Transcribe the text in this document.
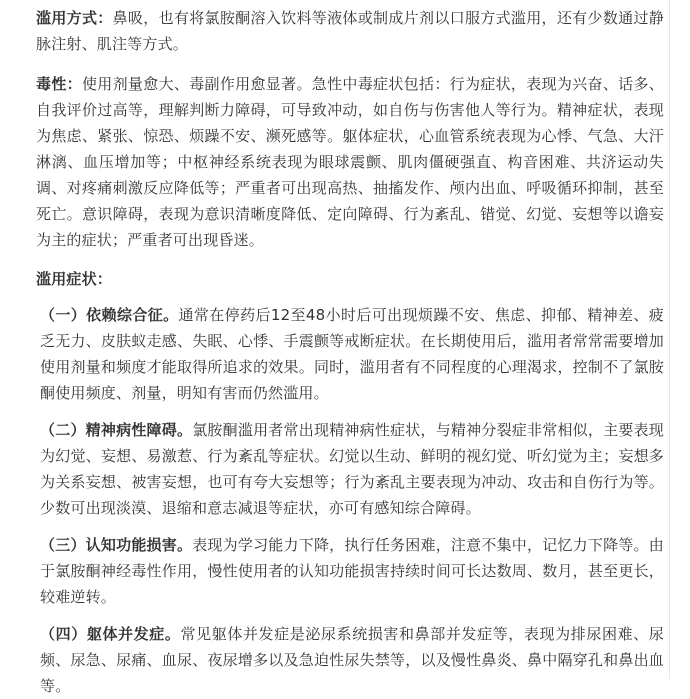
滥用方式：鼻吸，也有将氯胺酮溶入饮料等液体或制成片剂以口服方式滥用，还有少数通过静脉注射、肌注等方式。

毒性：使用剂量愈大、毒副作用愈显著。急性中毒症状包括：行为症状，表现为兴奋、话多、自我评价过高等，理解判断力障碍，可导致冲动，如自伤与伤害他人等行为。精神症状，表现为焦虑、紧张、惊恐、烦躁不安、濒死感等。躯体症状，心血管系统表现为心悸、气急、大汗淋漓、血压增加等；中枢神经系统表现为眼球震颤、肌肉僵硬强直、构音困难、共济运动失调、对疼痛刺激反应降低等；严重者可出现高热、抽搐发作、颅内出血、呼吸循环抑制，甚至死亡。意识障碍，表现为意识清晰度降低、定向障碍、行为紊乱、错觉、幻觉、妄想等以谵妄为主的症状；严重者可出现昏迷。

滥用症状：

（一）依赖综合征。通常在停药后12至48小时后可出现烦躁不安、焦虑、抑郁、精神差、疲乏无力、皮肤蚁走感、失眠、心悸、手震颤等戒断症状。在长期使用后，滥用者常常需要增加使用剂量和频度才能取得所追求的效果。同时，滥用者有不同程度的心理渴求，控制不了氯胺酮使用频度、剂量，明知有害而仍然滥用。

（二）精神病性障碍。氯胺酮滥用者常出现精神病性症状，与精神分裂症非常相似，主要表现为幻觉、妄想、易激惹、行为紊乱等症状。幻觉以生动、鲜明的视幻觉、听幻觉为主；妄想多为关系妄想、被害妄想，也可有夸大妄想等；行为紊乱主要表现为冲动、攻击和自伤行为等。少数可出现淡漠、退缩和意志减退等症状，亦可有感知综合障碍。

（三）认知功能损害。表现为学习能力下降，执行任务困难，注意不集中，记忆力下降等。由于氯胺酮神经毒性作用，慢性使用者的认知功能损害持续时间可长达数周、数月，甚至更长，较难逆转。

（四）躯体并发症。常见躯体并发症是泌尿系统损害和鼻部并发症等，表现为排尿困难、尿频、尿急、尿痛、血尿、夜尿增多以及急迫性尿失禁等，以及慢性鼻炎、鼻中隔穿孔和鼻出血等。
